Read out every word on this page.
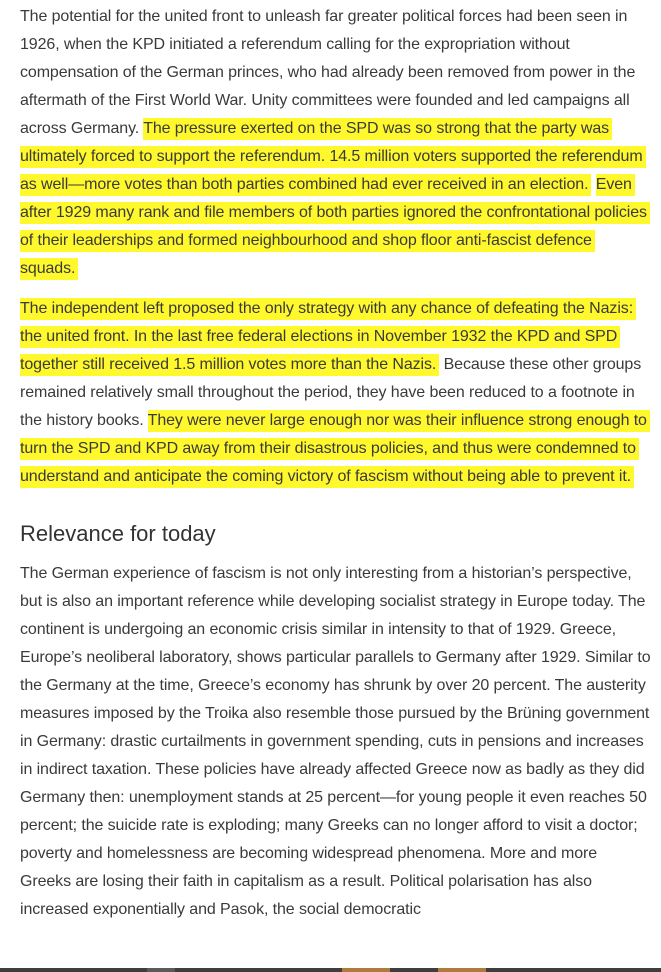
The potential for the united front to unleash far greater political forces had been seen in 1926, when the KPD initiated a referendum calling for the expropriation without compensation of the German princes, who had already been removed from power in the aftermath of the First World War. Unity committees were founded and led campaigns all across Germany. The pressure exerted on the SPD was so strong that the party was ultimately forced to support the referendum. 14.5 million voters supported the referendum as well—more votes than both parties combined had ever received in an election. Even after 1929 many rank and file members of both parties ignored the confrontational policies of their leaderships and formed neighbourhood and shop floor anti-fascist defence squads.

The independent left proposed the only strategy with any chance of defeating the Nazis: the united front. In the last free federal elections in November 1932 the KPD and SPD together still received 1.5 million votes more than the Nazis. Because these other groups remained relatively small throughout the period, they have been reduced to a footnote in the history books. They were never large enough nor was their influence strong enough to turn the SPD and KPD away from their disastrous policies, and thus were condemned to understand and anticipate the coming victory of fascism without being able to prevent it.

Relevance for today

The German experience of fascism is not only interesting from a historian’s perspective, but is also an important reference while developing socialist strategy in Europe today. The continent is undergoing an economic crisis similar in intensity to that of 1929. Greece, Europe’s neoliberal laboratory, shows particular parallels to Germany after 1929. Similar to the Germany at the time, Greece’s economy has shrunk by over 20 percent. The austerity measures imposed by the Troika also resemble those pursued by the Brüning government in Germany: drastic curtailments in government spending, cuts in pensions and increases in indirect taxation. These policies have already affected Greece now as badly as they did Germany then: unemployment stands at 25 percent—for young people it even reaches 50 percent; the suicide rate is exploding; many Greeks can no longer afford to visit a doctor; poverty and homelessness are becoming widespread phenomena. More and more Greeks are losing their faith in capitalism as a result. Political polarisation has also increased exponentially and Pasok, the social democratic
